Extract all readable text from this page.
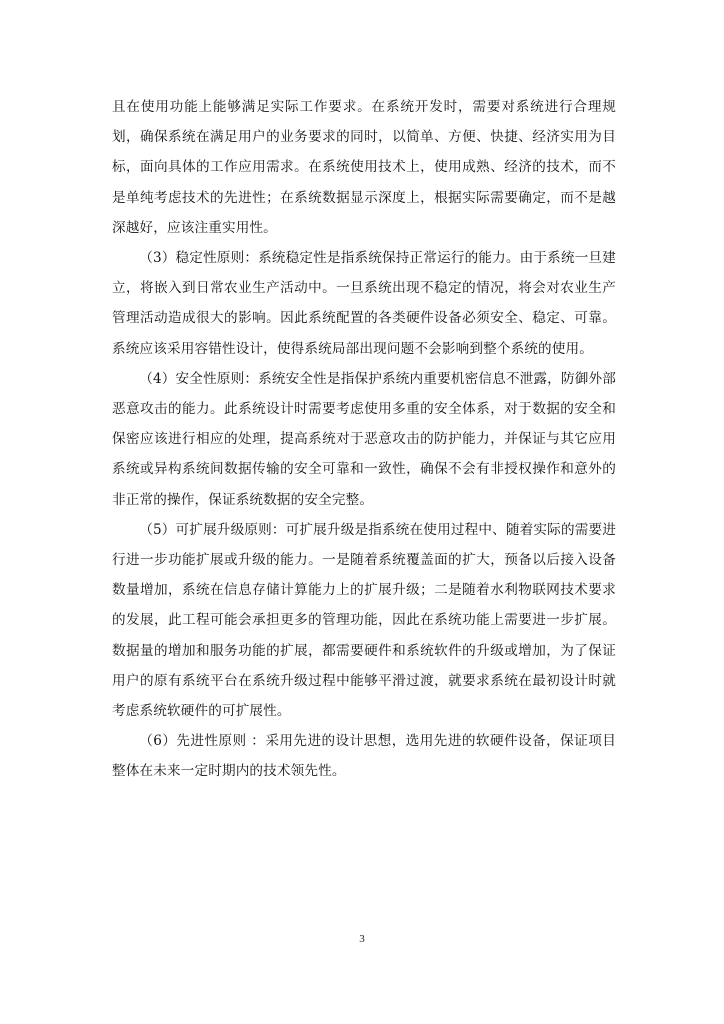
且在使用功能上能够满足实际工作要求。在系统开发时，需要对系统进行合理规划，确保系统在满足用户的业务要求的同时，以简单、方便、快捷、经济实用为目标，面向具体的工作应用需求。在系统使用技术上，使用成熟、经济的技术，而不是单纯考虑技术的先进性；在系统数据显示深度上，根据实际需要确定，而不是越深越好，应该注重实用性。

（3）稳定性原则：系统稳定性是指系统保持正常运行的能力。由于系统一旦建立，将嵌入到日常农业生产活动中。一旦系统出现不稳定的情况，将会对农业生产管理活动造成很大的影响。因此系统配置的各类硬件设备必须安全、稳定、可靠。系统应该采用容错性设计，使得系统局部出现问题不会影响到整个系统的使用。

（4）安全性原则：系统安全性是指保护系统内重要机密信息不泄露，防御外部恶意攻击的能力。此系统设计时需要考虑使用多重的安全体系，对于数据的安全和保密应该进行相应的处理，提高系统对于恶意攻击的防护能力，并保证与其它应用系统或异构系统间数据传输的安全可靠和一致性，确保不会有非授权操作和意外的非正常的操作，保证系统数据的安全完整。

（5）可扩展升级原则：可扩展升级是指系统在使用过程中、随着实际的需要进行进一步功能扩展或升级的能力。一是随着系统覆盖面的扩大，预备以后接入设备数量增加，系统在信息存储计算能力上的扩展升级；二是随着水利物联网技术要求的发展，此工程可能会承担更多的管理功能，因此在系统功能上需要进一步扩展。数据量的增加和服务功能的扩展，都需要硬件和系统软件的升级或增加，为了保证用户的原有系统平台在系统升级过程中能够平滑过渡，就要求系统在最初设计时就考虑系统软硬件的可扩展性。

（6）先进性原则 ：采用先进的设计思想，选用先进的软硬件设备，保证项目整体在未来一定时期内的技术领先性。

3
